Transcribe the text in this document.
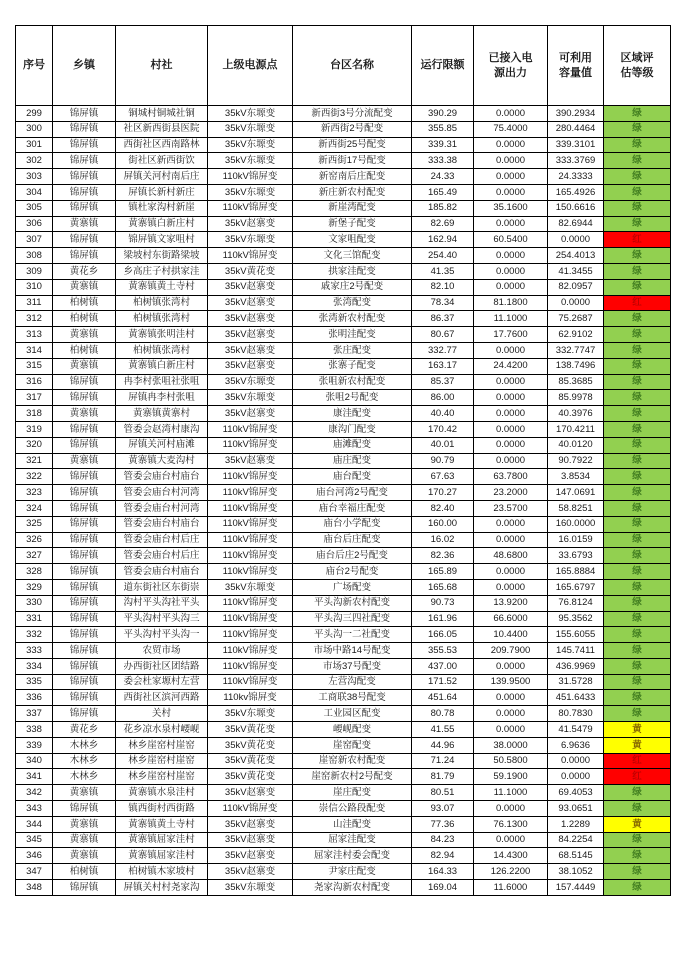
序号	乡镇	村社	上级电源点	台区名称	运行限额	已接入电源出力	可利用容量值	区域评估等级
299	锦屏镇	铜城村铜城社铜	35kV东塬变	新西街3号分流配变	390.29	0.0000	390.2934	绿
300	锦屏镇	社区新西街县医院	35kV东塬变	新西街2号配变	355.85	75.4000	280.4464	绿
301	锦屏镇	西街社区西南路林	35kV东塬变	新西街25号配变	339.31	0.0000	339.3101	绿
302	锦屏镇	街社区新西街饮	35kV东塬变	新西街17号配变	333.38	0.0000	333.3769	绿
303	锦屏镇	屏镇关河村南后庄	110kV锦屏变	新窑南后庄配变	24.33	0.0000	24.3333	绿
304	锦屏镇	屏镇长新村新庄	35kV东塬变	新庄新农村配变	165.49	0.0000	165.4926	绿
305	锦屏镇	镇杜家沟村新崖	110kV锦屏变	新崖湾配变	185.82	35.1600	150.6616	绿
306	黄寨镇	黄寨镇白新庄村	35kV赵寨变	新堡子配变	82.69	0.0000	82.6944	绿
307	锦屏镇	锦屏镇文家咀村	35kV东塬变	文家咀配变	162.94	60.5400	0.0000	红
308	锦屏镇	梁坡村东街路梁坡	110kV锦屏变	文化三馆配变	254.40	0.0000	254.4013	绿
309	黄花乡	乡高庄子村拱家洼	35kV黄花变	拱家洼配变	41.35	0.0000	41.3455	绿
310	黄寨镇	黄寨镇黄土寺村	35kV赵寨变	戚家庄2号配变	82.10	0.0000	82.0957	绿
311	柏树镇	柏树镇张湾村	35kV赵寨变	张湾配变	78.34	81.1800	0.0000	红
312	柏树镇	柏树镇张湾村	35kV赵寨变	张湾新农村配变	86.37	11.1000	75.2687	绿
313	黄寨镇	黄寨镇张明洼村	35kV赵寨变	张明洼配变	80.67	17.7600	62.9102	绿
314	柏树镇	柏树镇张湾村	35kV赵寨变	张庄配变	332.77	0.0000	332.7747	绿
315	黄寨镇	黄寨镇白新庄村	35kV赵寨变	张寨子配变	163.17	24.4200	138.7496	绿
316	锦屏镇	冉李村张咀社张咀	35kV东塬变	张咀新农村配变	85.37	0.0000	85.3685	绿
317	锦屏镇	屏镇冉李村张咀	35kV东塬变	张咀2号配变	86.00	0.0000	85.9978	绿
318	黄寨镇	黄寨镇黄寨村	35kV赵寨变	康洼配变	40.40	0.0000	40.3976	绿
319	锦屏镇	管委会赵湾村康沟	110kV锦屏变	康沟门配变	170.42	0.0000	170.4211	绿
320	锦屏镇	屏镇关河村庙滩	110kV锦屏变	庙滩配变	40.01	0.0000	40.0120	绿
321	黄寨镇	黄寨镇大麦沟村	35kV赵寨变	庙庄配变	90.79	0.0000	90.7922	绿
322	锦屏镇	管委会庙台村庙台	110kV锦屏变	庙台配变	67.63	63.7800	3.8534	绿
323	锦屏镇	管委会庙台村河湾	110kV锦屏变	庙台河湾2号配变	170.27	23.2000	147.0691	绿
324	锦屏镇	管委会庙台村河湾	110kV锦屏变	庙台幸福庄配变	82.40	23.5700	58.8251	绿
325	锦屏镇	管委会庙台村庙台	110kV锦屏变	庙台小学配变	160.00	0.0000	160.0000	绿
326	锦屏镇	管委会庙台村后庄	110kV锦屏变	庙台后庄配变	16.02	0.0000	16.0159	绿
327	锦屏镇	管委会庙台村后庄	110kV锦屏变	庙台后庄2号配变	82.36	48.6800	33.6793	绿
328	锦屏镇	管委会庙台村庙台	110kV锦屏变	庙台2号配变	165.89	0.0000	165.8884	绿
329	锦屏镇	道东街社区东街崇	35kV东塬变	广场配变	165.68	0.0000	165.6797	绿
330	锦屏镇	沟村平头沟社平头	110kV锦屏变	平头沟新农村配变	90.73	13.9200	76.8124	绿
331	锦屏镇	平头沟村平头沟三	110kV锦屏变	平头沟三四社配变	161.96	66.6000	95.3562	绿
332	锦屏镇	平头沟村平头沟一	110kV锦屏变	平头沟一二社配变	166.05	10.4400	155.6055	绿
333	锦屏镇	农贸市场	110kV锦屏变	市场中路14号配变	355.53	209.7900	145.7411	绿
334	锦屏镇	办西街社区团结路	110kV锦屏变	市场37号配变	437.00	0.0000	436.9969	绿
335	锦屏镇	委会杜家塬村左营	110kV锦屏变	左营沟配变	171.52	139.9500	31.5728	绿
336	锦屏镇	西街社区滨河西路	110kv锦屏变	工商联38号配变	451.64	0.0000	451.6433	绿
337	锦屏镇	关村	35kV东塬变	工业园区配变	80.78	0.0000	80.7830	绿
338	黄花乡	花乡凉水泉村崾岘	35kV黄花变	崾岘配变	41.55	0.0000	41.5479	黄
339	木林乡	林乡崖窑村崖窑	35kV黄花变	崖窑配变	44.96	38.0000	6.9636	黄
340	木林乡	林乡崖窑村崖窑	35kV黄花变	崖窑新农村配变	71.24	50.5800	0.0000	红
341	木林乡	林乡崖窑村崖窑	35kV黄花变	崖窑新农村2号配变	81.79	59.1900	0.0000	红
342	黄寨镇	黄寨镇水泉洼村	35kV赵寨变	崖庄配变	80.51	11.1000	69.4053	绿
343	锦屏镇	镇西街村西街路	110kV锦屏变	崇信公路段配变	93.07	0.0000	93.0651	绿
344	黄寨镇	黄寨镇黄土寺村	35kV赵寨变	山洼配变	77.36	76.1300	1.2289	黄
345	黄寨镇	黄寨镇屈家洼村	35kV赵寨变	屈家洼配变	84.23	0.0000	84.2254	绿
346	黄寨镇	黄寨镇屈家洼村	35kV赵寨变	屈家洼村委会配变	82.94	14.4300	68.5145	绿
347	柏树镇	柏树镇木家坡村	35kV赵寨变	尹家庄配变	164.33	126.2200	38.1052	绿
348	锦屏镇	屏镇关村村尧家沟	35kV东塬变	尧家沟新农村配变	169.04	11.6000	157.4449	绿
